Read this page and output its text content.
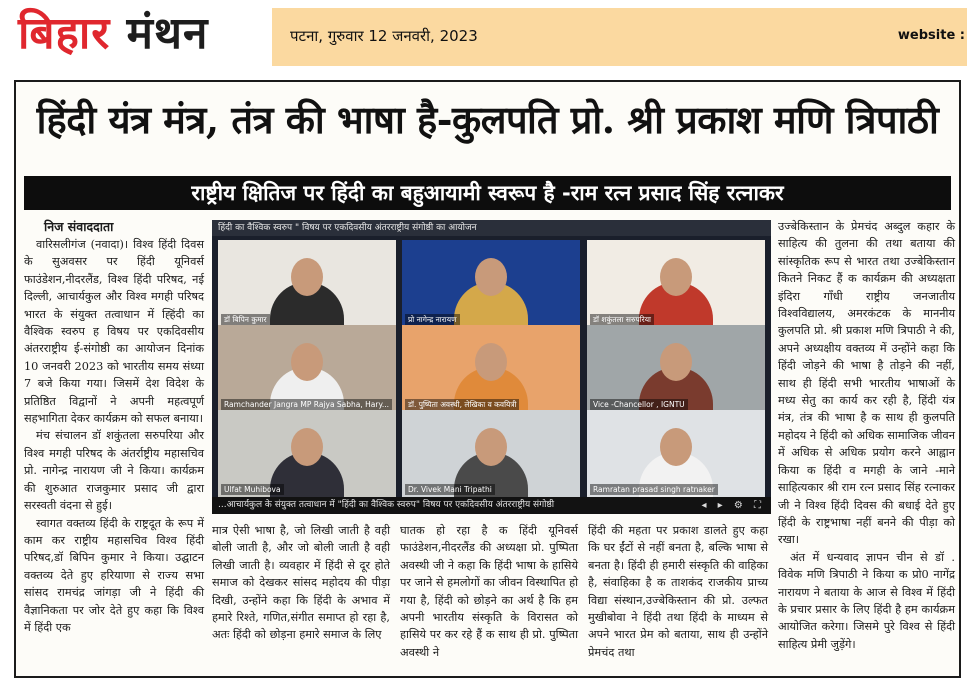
बिहार मंथन	पटना, गुरुवार 12 जनवरी, 2023	website :
हिंदी यंत्र मंत्र, तंत्र की भाषा है-कुलपति प्रो. श्री प्रकाश मणि त्रिपाठी
राष्ट्रीय क्षितिज पर हिंदी का बहुआयामी स्वरूप है -राम रत्न प्रसाद सिंह रत्नाकर
निज संवाददाता

वारिसलीगंज (नवादा)। विश्व हिंदी दिवस के सुअवसर पर हिंदी यूनिवर्स फाउंडेशन,नीदरलैंड, विश्व हिंदी परिषद, नई दिल्ली, आचार्यकुल और विश्व मगही परिषद भारत के संयुक्त तत्वाधान में ह्हिंदी का वैश्विक स्वरुप ह विषय पर एकदिवसीय अंतरराष्ट्रीय ई-संगोष्ठी का आयोजन दिनांक 10 जनवरी 2023 को भारतीय समय संध्या 7 बजे किया गया। जिसमें देश विदेश के प्रतिष्ठित विद्वानों ने अपनी महत्वपूर्ण सहभागिता देकर कार्यक्रम को सफल बनाया।

मंच संचालन डॉ शकुंतला सरुपरिया और विश्व मगही परिषद के अंतर्राष्ट्रीय महासचिव प्रो. नागेन्द्र नारायण जी ने किया। कार्यक्रम की शुरुआत राजकुमार प्रसाद जी द्वारा सरस्वती वंदना से हुई।

स्वागत वक्तव्य हिंदी के राष्ट्रदूत के रूप में काम कर राष्ट्रीय महासचिव विश्व हिंदी परिषद,डॉ बिपिन कुमार ने किया। उद्घाटन वक्तव्य देते हुए हरियाणा से राज्य सभा सांसद रामचंद्र जांगड़ा जी ने हिंदी की वैज्ञानिकता पर जोर देते हुए कहा कि विश्व में हिंदी एक

मात्र ऐसी भाषा है, जो लिखी जाती है वही बोली जाती है, और जो बोली जाती है वही लिखी जाती है। व्यवहार में हिंदी से दूर होते समाज को देखकर सांसद महोदय की पीड़ा दिखी, उन्होंने कहा कि हिंदी के अभाव में हमारे रिश्ते, गणित,संगीत समाप्त हो रहा है, अतः हिंदी को छोड़ना हमारे समाज के लिए

घातक हो रहा है क हिंदी यूनिवर्स फाउंडेशन,नीदरलैंड की अध्यक्षा प्रो. पुष्पिता अवस्थी जी ने कहा कि हिंदी भाषा के हासिये पर जाने से हमलोगों का जीवन विस्थापित हो गया है, हिंदी को छोड़ने का अर्थ है कि हम अपनी भारतीय संस्कृति के विरासत को हासिये पर कर रहे हैं क साथ ही प्रो. पुष्पिता अवस्थी ने

हिंदी की महता पर प्रकाश डालते हुए कहा कि घर ईंटों से नहीं बनता है, बल्कि भाषा से बनता है। हिंदी ही हमारी संस्कृति की वाहिका है, संवाहिका है क ताशकंद राजकीय प्राच्य विद्या संस्थान,उज्बेकिस्तान की प्रो. उल्फत मुखीबोवा ने हिंदी तथा हिंदी के माध्यम से अपने भारत प्रेम को बताया, साथ ही उन्होंने प्रेमचंद तथा

उज्बेकिस्तान के प्रेमचंद अब्दुल कहार के साहित्य की तुलना की तथा बताया की सांस्कृतिक रूप से भारत तथा उज्बेकिस्तान कितने निकट हैं क कार्यक्रम की अध्यक्षता इंदिरा गाँधी राष्ट्रीय जनजातीय विश्वविद्यालय, अमरकंटक के माननीय कुलपति प्रो. श्री प्रकाश मणि त्रिपाठी ने की, अपने अध्यक्षीय वक्तव्य में उन्होंने कहा कि हिंदी जोड़ने की भाषा है तोड़ने की नहीं, साथ ही हिंदी सभी भारतीय भाषाओं के मध्य सेतु का कार्य कर रही है, हिंदी यंत्र मंत्र, तंत्र की भाषा है क साथ ही कुलपति महोदय ने हिंदी को अधिक सामाजिक जीवन में अधिक से अधिक प्रयोग करने आह्वान किया क हिंदी व मगही के जाने -माने साहित्यकार श्री राम रत्न प्रसाद सिंह रत्नाकर जी ने विश्व हिंदी दिवस की बधाई देते हुए हिंदी के राष्ट्रभाषा नहीं बनने की पीड़ा को रखा।

अंत में धन्यवाद ज्ञापन चीन से डॉ . विवेक मणि त्रिपाठी ने किया क प्रो0 नागेंद्र नारायण ने बताया के आज से विश्व में हिंदी के प्रचार प्रसार के लिए हिंदी है हम कार्यक्रम आयोजित करेगा। जिसमे पुरे विश्व से हिंदी साहित्य प्रेमी जुड़ेंगे।

हिंदी का वैश्विक स्वरुप " विषय पर एकदिवसीय अंतरराष्ट्रीय संगोष्ठी का आयोजन
डॉ बिपिन कुमार	प्रो नागेन्द्र नारायण	डॉ शकुंतला सरुपरिया
Ramchander Jangra MP Rajya Sabha, Hary...	डॉ. पुष्पिता अवस्थी, लेखिका व कवयित्री	Vice -Chancellor , IGNTU
Ulfat Muhibova	Dr. Vivek Mani Tripathi	Ramratan prasad singh ratnaker
...आचार्यकुल के संयुक्त तत्वाधान में "हिंदी का वैश्विक स्वरुप" विषय पर एकदिवसीय अंतरराष्ट्रीय संगोष्ठी	◂ ▸ ⚙ ⛶
